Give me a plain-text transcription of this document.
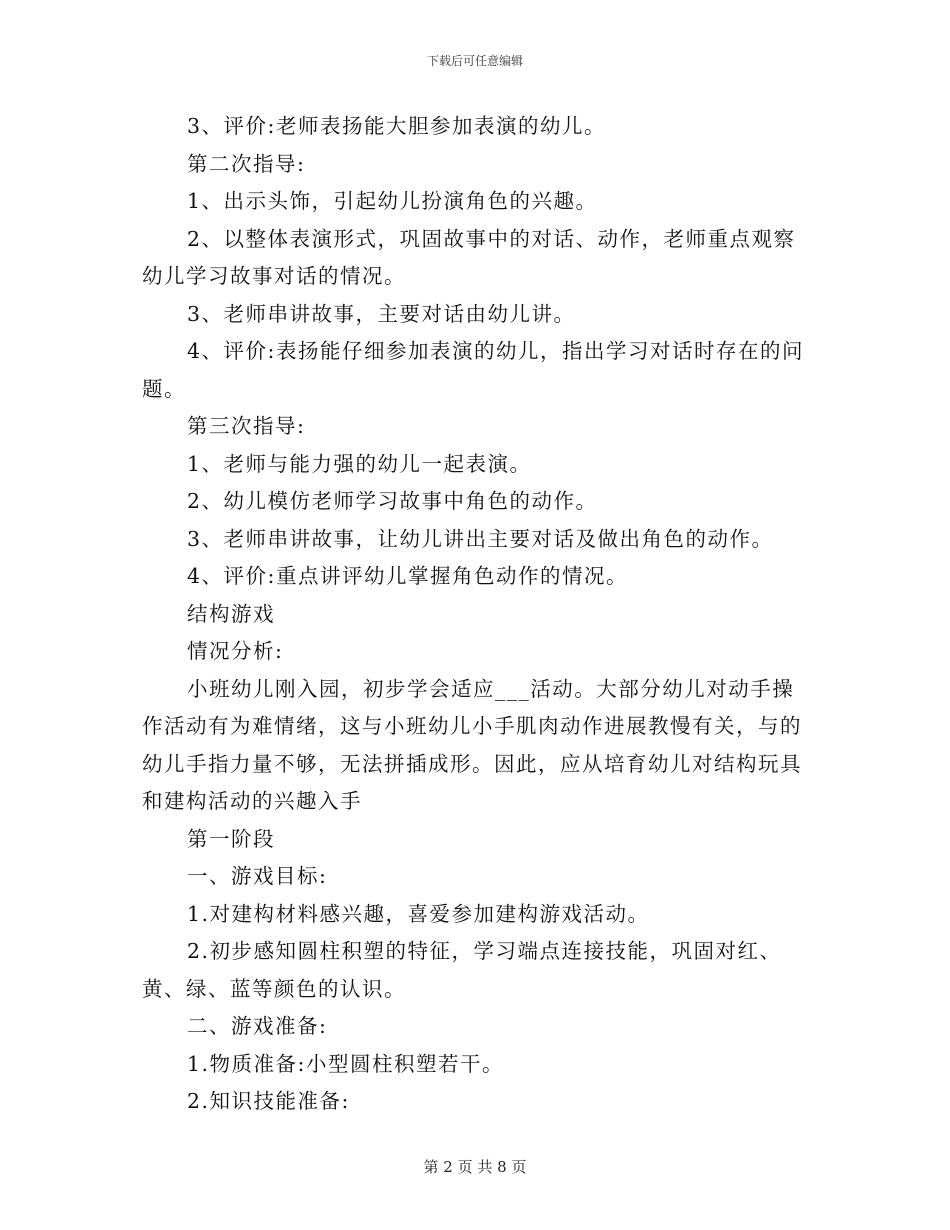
下载后可任意编辑

3、评价:老师表扬能大胆参加表演的幼儿。

第二次指导:

1、出示头饰，引起幼儿扮演角色的兴趣。

2、以整体表演形式，巩固故事中的对话、动作，老师重点观察幼儿学习故事对话的情况。

3、老师串讲故事，主要对话由幼儿讲。

4、评价:表扬能仔细参加表演的幼儿，指出学习对话时存在的问题。

第三次指导:

1、老师与能力强的幼儿一起表演。

2、幼儿模仿老师学习故事中角色的动作。

3、老师串讲故事，让幼儿讲出主要对话及做出角色的动作。

4、评价:重点讲评幼儿掌握角色动作的情况。

结构游戏

情况分析:

小班幼儿刚入园，初步学会适应___活动。大部分幼儿对动手操作活动有为难情绪，这与小班幼儿小手肌肉动作进展教慢有关，与的幼儿手指力量不够，无法拼插成形。因此，应从培育幼儿对结构玩具和建构活动的兴趣入手

第一阶段

一、游戏目标:

1.对建构材料感兴趣，喜爱参加建构游戏活动。

2.初步感知圆柱积塑的特征，学习端点连接技能，巩固对红、黄、绿、蓝等颜色的认识。

二、游戏准备:

1.物质准备:小型圆柱积塑若干。

2.知识技能准备:

第 2 页 共 8 页
